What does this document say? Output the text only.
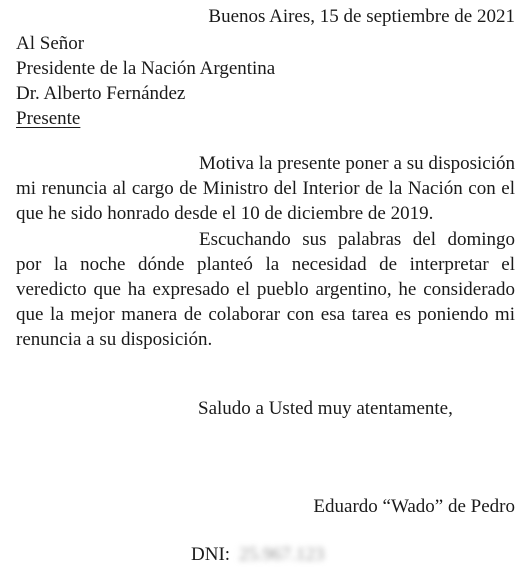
Buenos Aires, 15 de septiembre de 2021
Al Señor
Presidente de la Nación Argentina
Dr. Alberto Fernández
Presente
Motiva la presente poner a su disposición mi renuncia al cargo de Ministro del Interior de la Nación con el que he sido honrado desde el 10 de diciembre de 2019.
Escuchando sus palabras del domingo por la noche dónde planteó la necesidad de interpretar el veredicto que ha expresado el pueblo argentino, he considerado que la mejor manera de colaborar con esa tarea es poniendo mi renuncia a su disposición.
Saludo a Usted muy atentamente,
Eduardo “Wado” de Pedro
DNI: 25.967.123
